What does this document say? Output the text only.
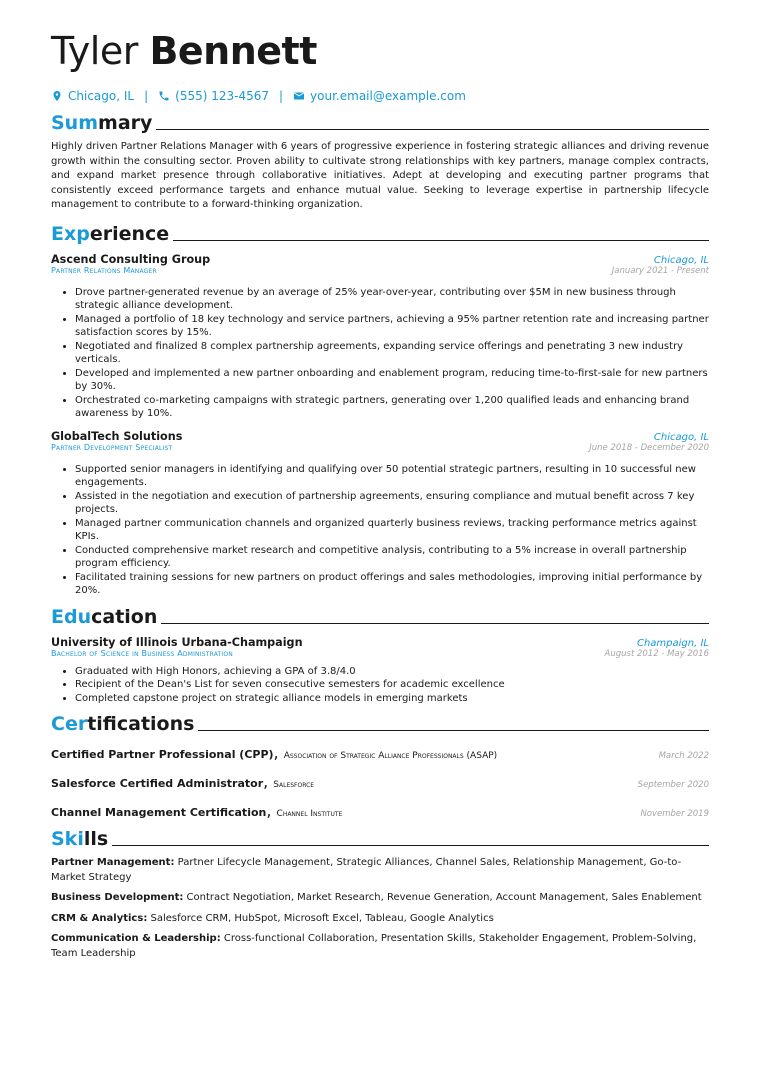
Tyler Bennett
Chicago, IL | (555) 123-4567 | your.email@example.com
Summary

Highly driven Partner Relations Manager with 6 years of progressive experience in fostering strategic alliances and driving revenue growth within the consulting sector. Proven ability to cultivate strong relationships with key partners, manage complex contracts, and expand market presence through collaborative initiatives. Adept at developing and executing partner programs that consistently exceed performance targets and enhance mutual value. Seeking to leverage expertise in partnership lifecycle management to contribute to a forward-thinking organization.

Experience
Ascend Consulting Group	Chicago, IL
Partner Relations Manager	January 2021 - Present
• Drove partner-generated revenue by an average of 25% year-over-year, contributing over $5M in new business through strategic alliance development.
• Managed a portfolio of 18 key technology and service partners, achieving a 95% partner retention rate and increasing partner satisfaction scores by 15%.
• Negotiated and finalized 8 complex partnership agreements, expanding service offerings and penetrating 3 new industry verticals.
• Developed and implemented a new partner onboarding and enablement program, reducing time-to-first-sale for new partners by 30%.
• Orchestrated co-marketing campaigns with strategic partners, generating over 1,200 qualified leads and enhancing brand awareness by 10%.
GlobalTech Solutions	Chicago, IL
Partner Development Specialist	June 2018 - December 2020
• Supported senior managers in identifying and qualifying over 50 potential strategic partners, resulting in 10 successful new engagements.
• Assisted in the negotiation and execution of partnership agreements, ensuring compliance and mutual benefit across 7 key projects.
• Managed partner communication channels and organized quarterly business reviews, tracking performance metrics against KPIs.
• Conducted comprehensive market research and competitive analysis, contributing to a 5% increase in overall partnership program efficiency.
• Facilitated training sessions for new partners on product offerings and sales methodologies, improving initial performance by 20%.
Education
University of Illinois Urbana-Champaign	Champaign, IL
Bachelor of Science in Business Administration	August 2012 - May 2016
• Graduated with High Honors, achieving a GPA of 3.8/4.0
• Recipient of the Dean's List for seven consecutive semesters for academic excellence
• Completed capstone project on strategic alliance models in emerging markets
Certifications
Certified Partner Professional (CPP), Association of Strategic Alliance Professionals (ASAP)	March 2022
Salesforce Certified Administrator, Salesforce	September 2020
Channel Management Certification, Channel Institute	November 2019
Skills
Partner Management: Partner Lifecycle Management, Strategic Alliances, Channel Sales, Relationship Management, Go-to-Market Strategy
Business Development: Contract Negotiation, Market Research, Revenue Generation, Account Management, Sales Enablement
CRM & Analytics: Salesforce CRM, HubSpot, Microsoft Excel, Tableau, Google Analytics
Communication & Leadership: Cross-functional Collaboration, Presentation Skills, Stakeholder Engagement, Problem-Solving, Team Leadership
